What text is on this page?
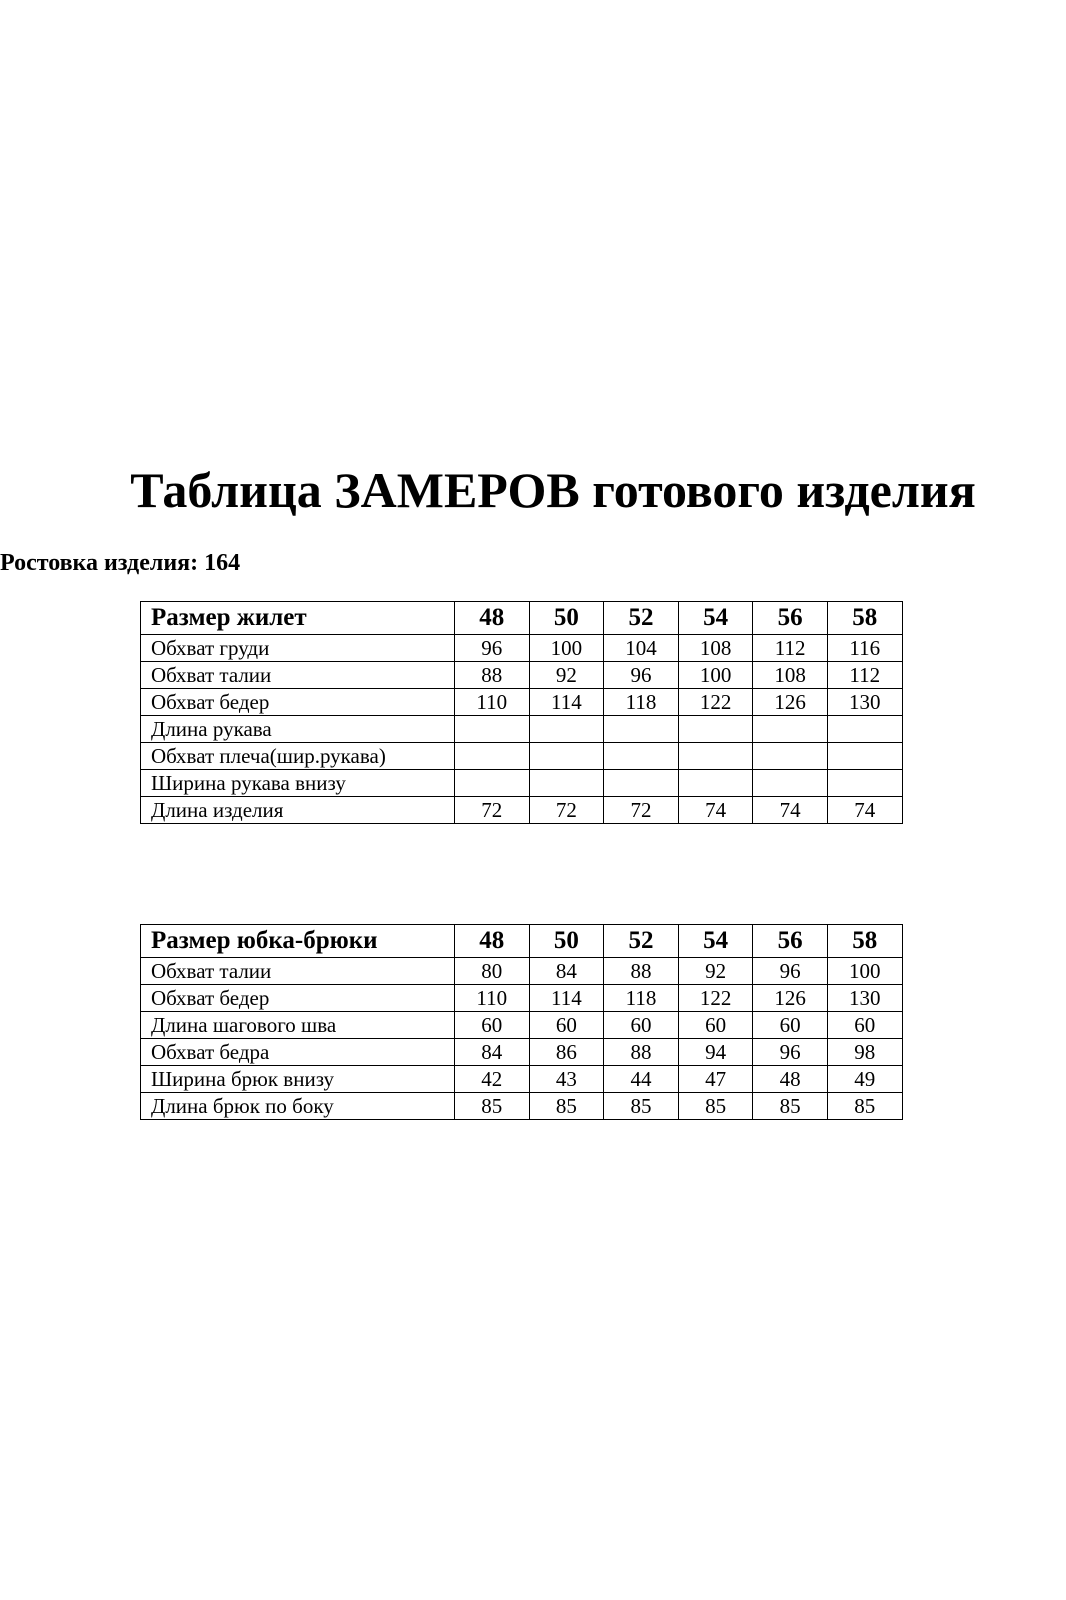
Таблица ЗАМЕРОВ готового изделия
Ростовка изделия: 164
Размер жилет	48	50	52	54	56	58
Обхват груди	96	100	104	108	112	116
Обхват талии	88	92	96	100	108	112
Обхват бедер	110	114	118	122	126	130
Длина рукава						
Обхват плеча(шир.рукава)						
Ширина рукава внизу						
Длина изделия	72	72	72	74	74	74
Размер юбка-брюки	48	50	52	54	56	58
Обхват талии	80	84	88	92	96	100
Обхват бедер	110	114	118	122	126	130
Длина шагового шва	60	60	60	60	60	60
Обхват бедра	84	86	88	94	96	98
Ширина брюк внизу	42	43	44	47	48	49
Длина брюк по боку	85	85	85	85	85	85
